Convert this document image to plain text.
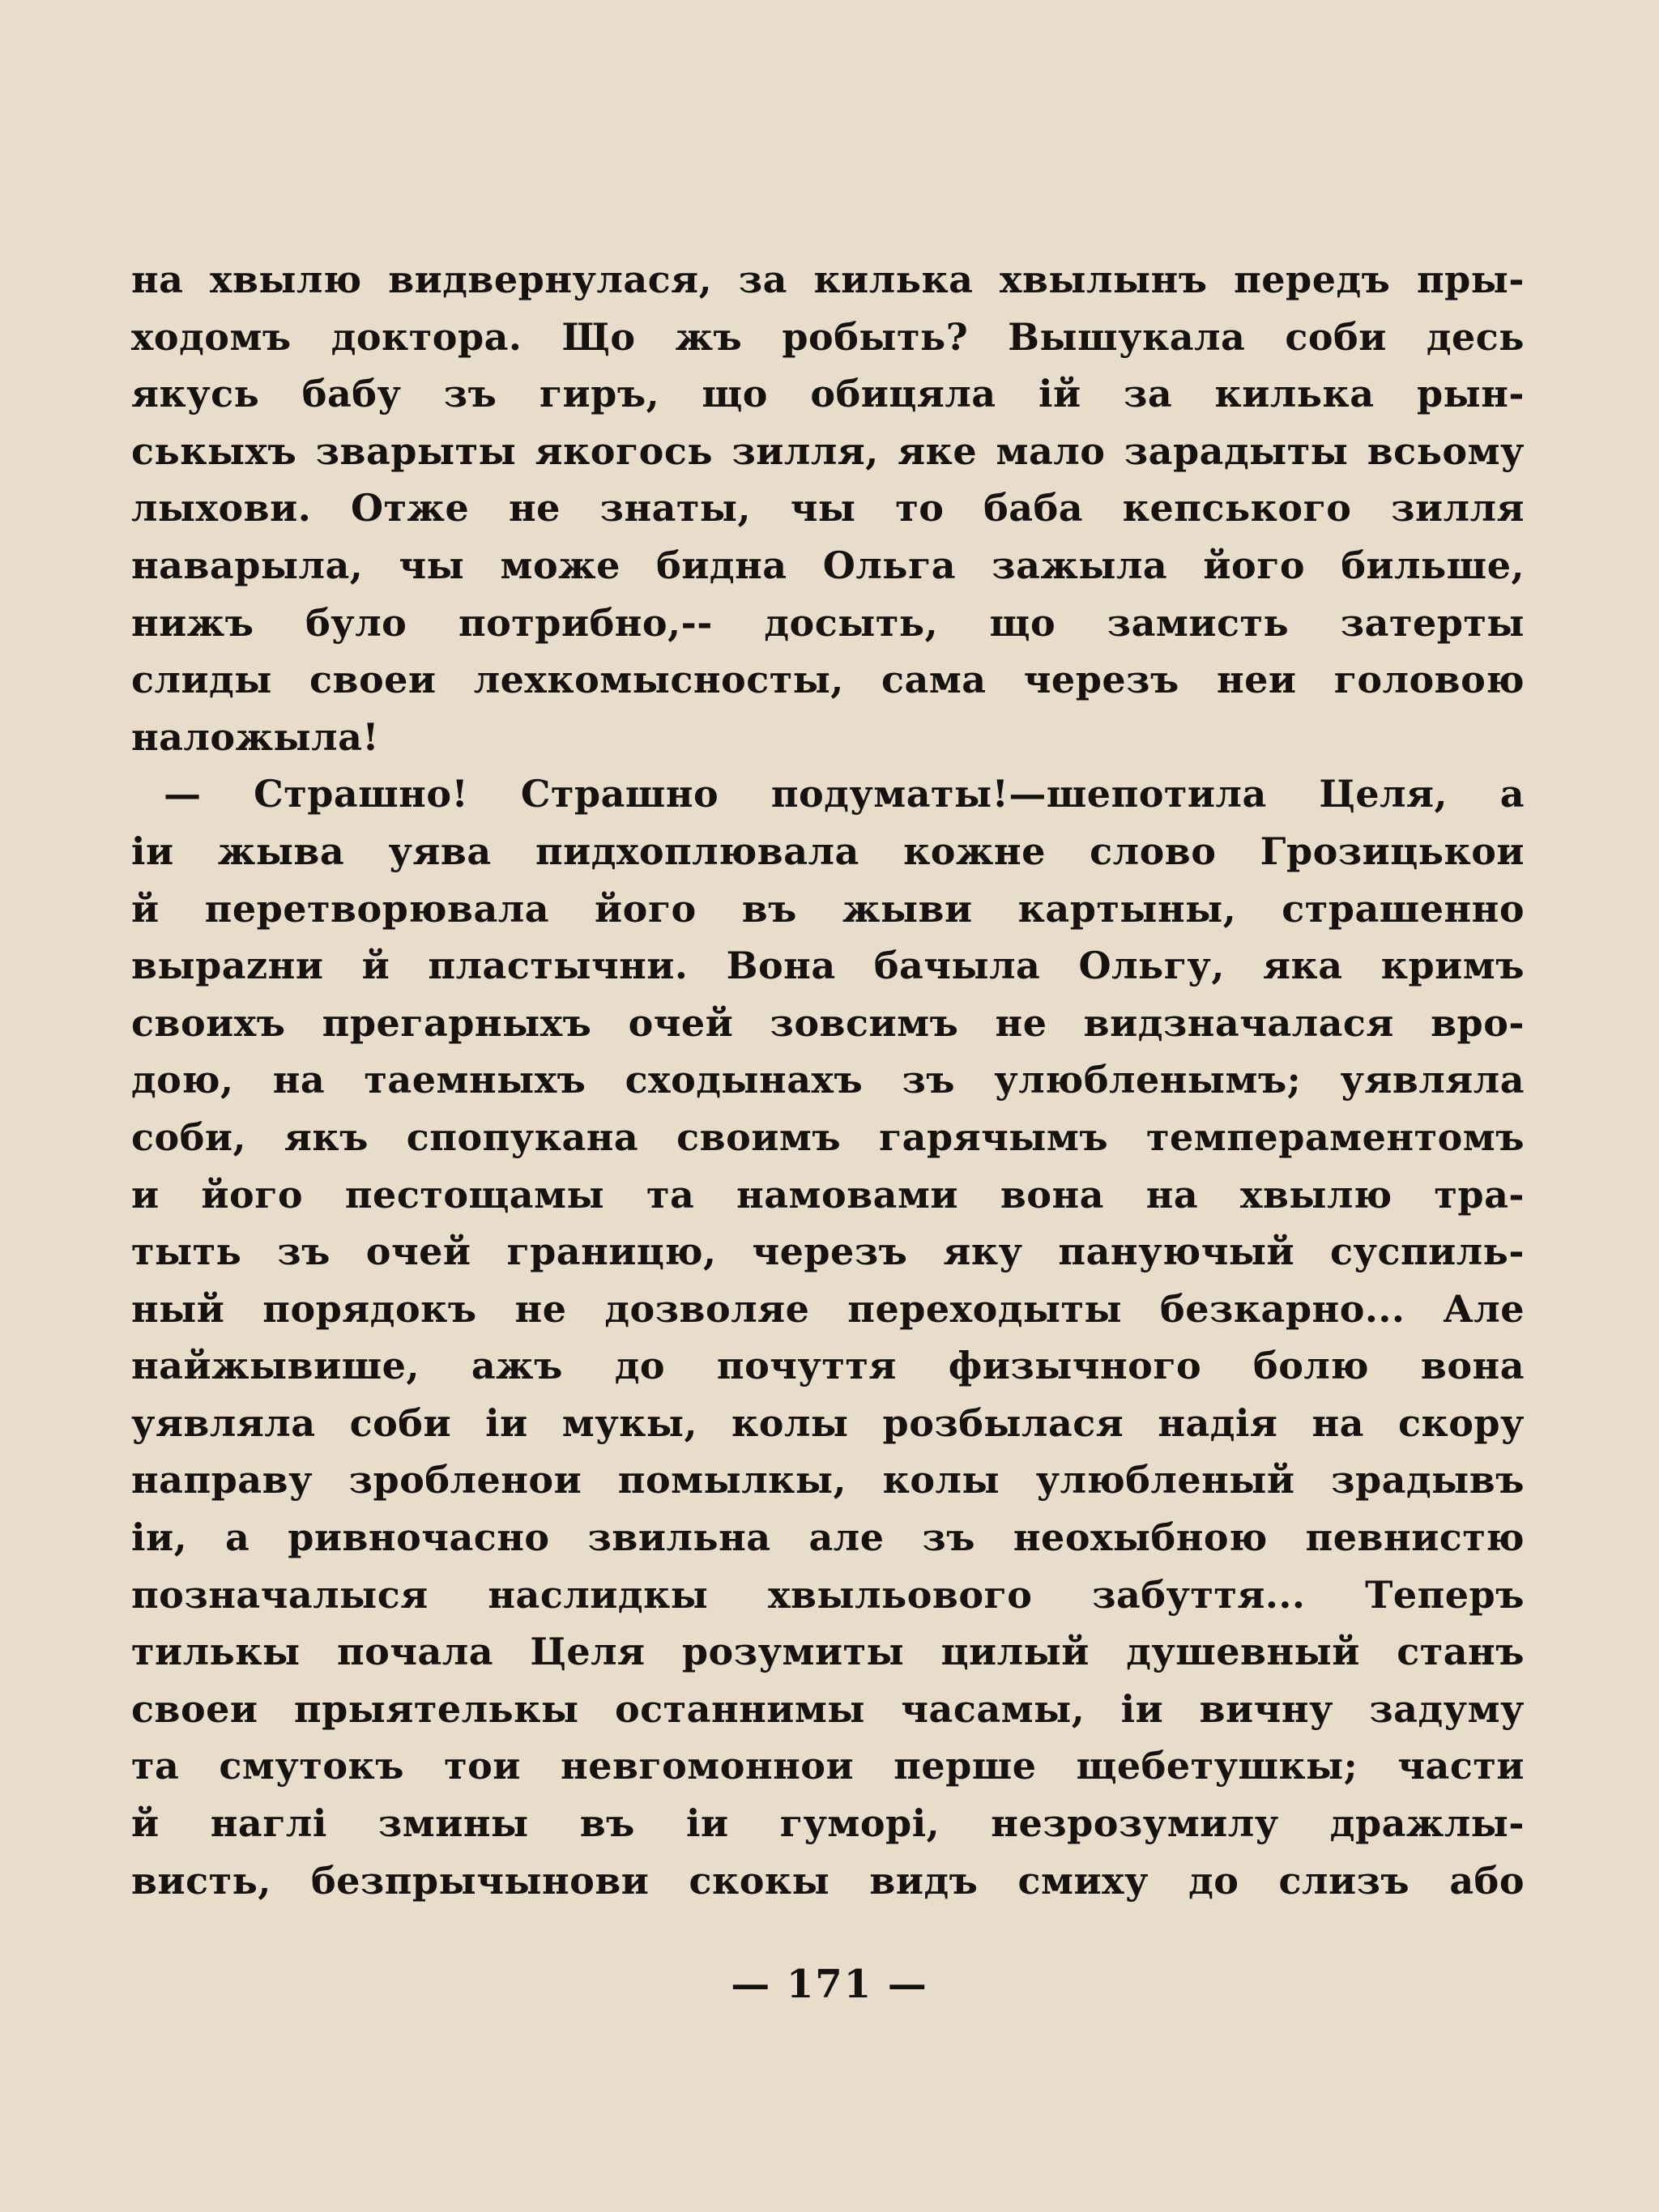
на хвылю видвернулася, за килька хвылынъ передъ пры-
ходомъ доктора. Що жъ робыть? Вышукала соби десь
якусь бабу зъ гиръ, що обицяла ій за килька рын-
ськыхъ зварыты якогось зилля, яке мало зарадыты всьому
лыхови. Отже не знаты, чы то баба кепського зилля
наварыла, чы може бидна Ольга зажыла його бильше,
нижъ було потрибно,-- досыть, що замисть затерты
слиды своеи лехкомысносты, сама черезъ неи головою
наложыла!
— Страшно! Страшно подуматы!—шепотила Целя, а
іи жыва уява пидхоплювала кожне слово Грозицькои
й перетворювала його въ жыви картыны, страшенно
вырazни й пластычни. Вона бачыла Ольгу, яка кримъ
своихъ прегарныхъ очей зовсимъ не видзначалася вро-
дою, на таемныхъ сходынахъ зъ улюбленымъ; уявляла
соби, якъ спопукана своимъ гарячымъ темпераментомъ
и його пестощамы та намовами вона на хвылю тра-
тыть зъ очей границю, черезъ яку пануючый суспиль-
ный порядокъ не дозволяе переходыты безкарно... Але
найжывише, ажъ до почуття физычного болю вона
уявляла соби іи мукы, колы розбылася надія на скору
направу зробленои помылкы, колы улюбленый зрадывъ
іи, а ривночасно звильна але зъ неохыбною певнистю
позначалыся наслидкы хвыльового забуття... Теперъ
тилькы почала Целя розумиты цилый душевный станъ
своеи прыятелькы останнимы часамы, іи вичну задуму
та смутокъ тои невгомоннои перше щебетушкы; части
й наглі змины въ іи гуморі, незрозумилу дражлы-
висть, безпрычынови скокы видъ смиху до слизъ або
— 171 —
